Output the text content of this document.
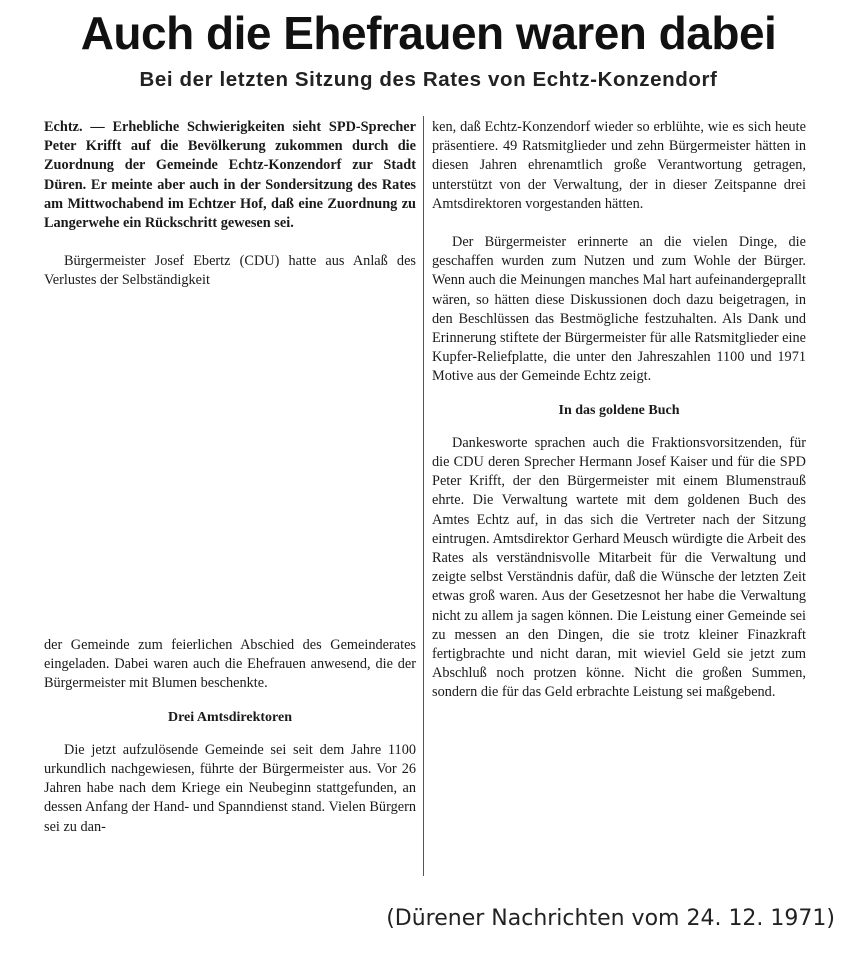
Auch die Ehefrauen waren dabei
Bei der letzten Sitzung des Rates von Echtz-Konzendorf

Echtz. — Erhebliche Schwierigkeiten sieht SPD-Sprecher Peter Krifft auf die Bevölkerung zukommen durch die Zuordnung der Gemeinde Echtz-Konzendorf zur Stadt Düren. Er meinte aber auch in der Sondersitzung des Rates am Mittwochabend im Echtzer Hof, daß eine Zuordnung zu Langerwehe ein Rückschritt gewesen sei.

Bürgermeister Josef Ebertz (CDU) hatte aus Anlaß des Verlustes der Selbständigkeit

der Gemeinde zum feierlichen Abschied des Gemeinderates eingeladen. Dabei waren auch die Ehefrauen anwesend, die der Bürgermeister mit Blumen beschenkte.

Drei Amtsdirektoren

Die jetzt aufzulösende Gemeinde sei seit dem Jahre 1100 urkundlich nachgewiesen, führte der Bürgermeister aus. Vor 26 Jahren habe nach dem Kriege ein Neubeginn stattgefunden, an dessen Anfang der Hand- und Spanndienst stand. Vielen Bürgern sei zu dan-

ken, daß Echtz-Konzendorf wieder so erblühte, wie es sich heute präsentiere. 49 Ratsmitglieder und zehn Bürgermeister hätten in diesen Jahren ehrenamtlich große Verantwortung getragen, unterstützt von der Verwaltung, der in dieser Zeitspanne drei Amtsdirektoren vorgestanden hätten.

Der Bürgermeister erinnerte an die vielen Dinge, die geschaffen wurden zum Nutzen und zum Wohle der Bürger. Wenn auch die Meinungen manches Mal hart aufeinandergeprallt wären, so hätten diese Diskussionen doch dazu beigetragen, in den Beschlüssen das Bestmögliche festzuhalten. Als Dank und Erinnerung stiftete der Bürgermeister für alle Ratsmitglieder eine Kupfer-Reliefplatte, die unter den Jahreszahlen 1100 und 1971 Motive aus der Gemeinde Echtz zeigt.

In das goldene Buch

Dankesworte sprachen auch die Fraktionsvorsitzenden, für die CDU deren Sprecher Hermann Josef Kaiser und für die SPD Peter Krifft, der den Bürgermeister mit einem Blumenstrauß ehrte. Die Verwaltung wartete mit dem goldenen Buch des Amtes Echtz auf, in das sich die Vertreter nach der Sitzung eintrugen. Amtsdirektor Gerhard Meusch würdigte die Arbeit des Rates als verständnisvolle Mitarbeit für die Verwaltung und zeigte selbst Verständnis dafür, daß die Wünsche der letzten Zeit etwas groß waren. Aus der Gesetzesnot her habe die Verwaltung nicht zu allem ja sagen können. Die Leistung einer Gemeinde sei zu messen an den Dingen, die sie trotz kleiner Finazkraft fertigbrachte und nicht daran, mit wieviel Geld sie jetzt zum Abschluß noch protzen könne. Nicht die großen Summen, sondern die für das Geld erbrachte Leistung sei maßgebend.

(Dürener Nachrichten vom 24. 12. 1971)
